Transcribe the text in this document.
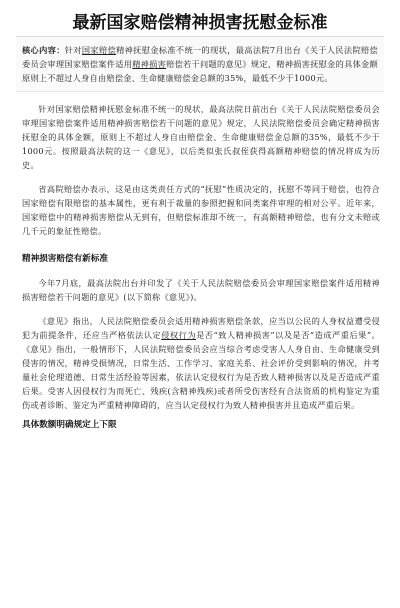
最新国家赔偿精神损害抚慰金标准

核心内容：针对国家赔偿精神抚慰金标准不统一的现状，最高法院7月出台《关于人民法院赔偿委员会审理国家赔偿案件适用精神损害赔偿若干问题的意见》规定，精神损害抚慰金的具体金额原则上不超过人身自由赔偿金、生命健康赔偿金总额的35%，最低不少于1000元。

针对国家赔偿精神抚慰金标准不统一的现状，最高法院日前出台《关于人民法院赔偿委员会审理国家赔偿案件适用精神损害赔偿若干问题的意见》规定，人民法院赔偿委员会确定精神损害抚慰金的具体金额，原则上不超过人身自由赔偿金、生命健康赔偿金总额的35%，最低不少于1000元。按照最高法院的这一《意见》，以后类似张氏叔侄获得高额精神赔偿的情况将成为历史。

省高院赔偿办表示，这是由这类责任方式的“抚慰”性质决定的，抚慰不等同于赔偿，也符合国家赔偿有限赔偿的基本属性，更有利于裁量的参照把握和同类案件审理的相对公平。近年来，国家赔偿中的精神损害赔偿从无到有，但赔偿标准却不统一，有高额精神赔偿，也有分文未赔或几千元的象征性赔偿。

精神损害赔偿有新标准

今年7月底，最高法院出台并印发了《关于人民法院赔偿委员会审理国家赔偿案件适用精神损害赔偿若干问题的意见》(以下简称《意见》)。

《意见》指出，人民法院赔偿委员会适用精神损害赔偿条款，应当以公民的人身权益遭受侵犯为前提条件，还应当严格依法认定侵权行为是否“致人精神损害”以及是否“造成严重后果”。《意见》指出，一般情形下，人民法院赔偿委员会应当综合考虑受害人人身自由、生命健康受到侵害的情况，精神受损情况，日常生活、工作学习、家庭关系、社会评价受到影响的情况，并考量社会伦理道德、日常生活经验等因素，依法认定侵权行为是否致人精神损害以及是否造成严重后果。受害人因侵权行为而死亡、残疾(含精神残疾)或者所受伤害经有合法资质的机构鉴定为重伤或者诊断、鉴定为严重精神障碍的，应当认定侵权行为致人精神损害并且造成严重后果。

具体数额明确规定上下限
